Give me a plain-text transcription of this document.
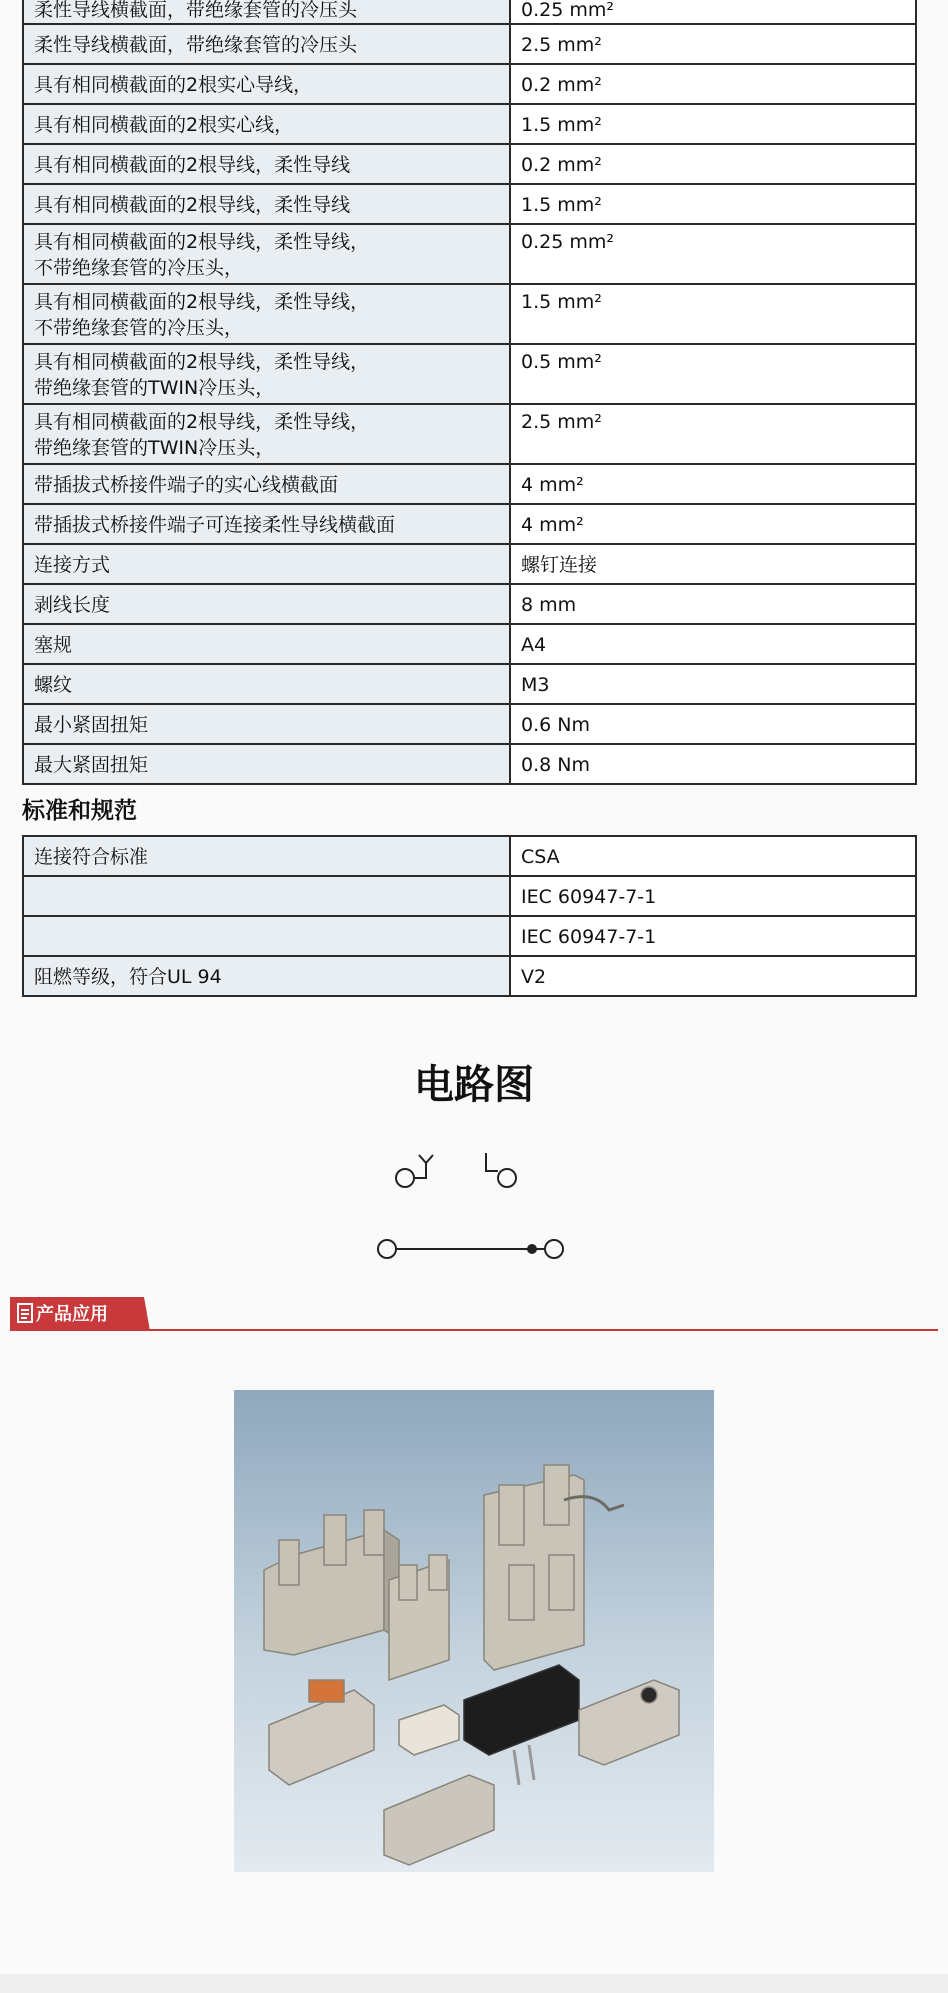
柔性导线横截面，带绝缘套管的冷压头	0.25 mm²

柔性导线横截面，带绝缘套管的冷压头	2.5 mm²

具有相同横截面的2根实心导线，	0.2 mm²

具有相同横截面的2根实心线，	1.5 mm²

具有相同横截面的2根导线，柔性导线	0.2 mm²

具有相同横截面的2根导线，柔性导线	1.5 mm²

具有相同横截面的2根导线，柔性导线，
不带绝缘套管的冷压头，	0.25 mm²

具有相同横截面的2根导线，柔性导线，
不带绝缘套管的冷压头，	1.5 mm²

具有相同横截面的2根导线，柔性导线，
带绝缘套管的TWIN冷压头，	0.5 mm²

具有相同横截面的2根导线，柔性导线，
带绝缘套管的TWIN冷压头，	2.5 mm²

带插拔式桥接件端子的实心线横截面	4 mm²

带插拔式桥接件端子可连接柔性导线横截面	4 mm²

连接方式	螺钉连接

剥线长度	8 mm

塞规	A4

螺纹	M3

最小紧固扭矩	0.6 Nm

最大紧固扭矩	0.8 Nm
标准和规范
连接符合标准	CSA

	IEC 60947-7-1

	IEC 60947-7-1

阻燃等级，符合UL 94	V2
电路图
产品应用
